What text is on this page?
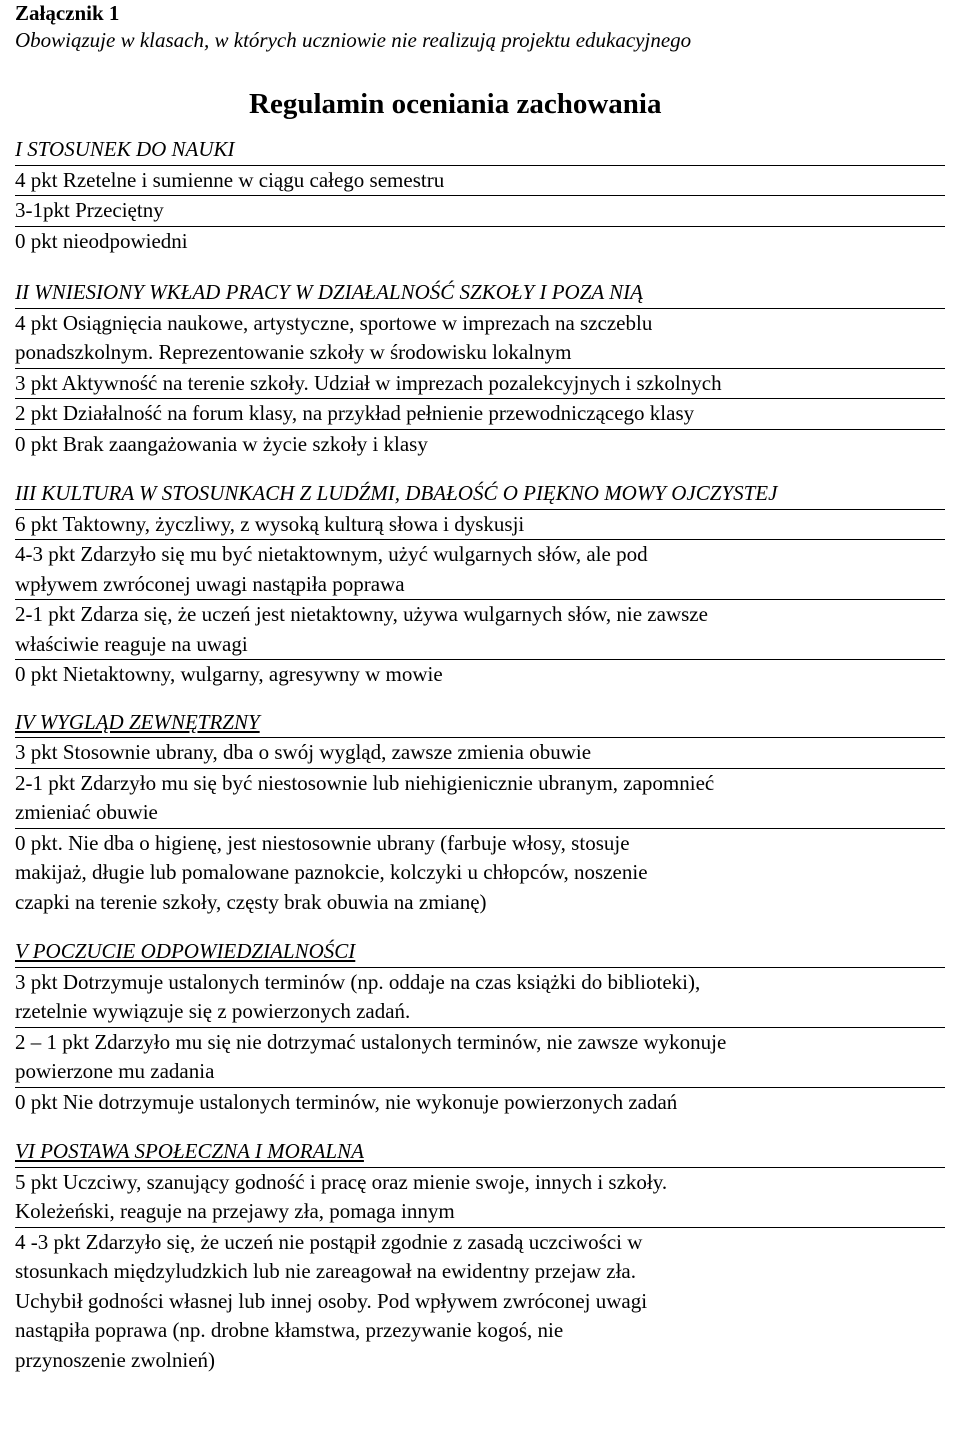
Załącznik 1

Obowiązuje w klasach, w których uczniowie nie realizują projektu edukacyjnego

Regulamin oceniania zachowania

I STOSUNEK DO NAUKI

4 pkt Rzetelne i sumienne w ciągu całego semestru
3-1pkt Przeciętny
0 pkt nieodpowiedni

II WNIESIONY WKŁAD PRACY W DZIAŁALNOŚĆ SZKOŁY I POZA NIĄ

4 pkt Osiągnięcia naukowe, artystyczne, sportowe w imprezach na szczeblu
ponadszkolnym. Reprezentowanie szkoły w środowisku lokalnym
3 pkt Aktywność na terenie szkoły. Udział w imprezach pozalekcyjnych i szkolnych
2 pkt Działalność na forum klasy, na przykład pełnienie przewodniczącego klasy
0 pkt Brak zaangażowania w życie szkoły i klasy

III KULTURA W STOSUNKACH Z LUDŹMI, DBAŁOŚĆ O PIĘKNO MOWY OJCZYSTEJ

6 pkt Taktowny, życzliwy, z wysoką kulturą słowa i dyskusji
4-3 pkt Zdarzyło się mu być nietaktownym, użyć wulgarnych słów, ale pod
wpływem zwróconej uwagi nastąpiła poprawa
2-1 pkt Zdarza się, że uczeń jest nietaktowny, używa wulgarnych słów, nie zawsze
właściwie reaguje na uwagi
0 pkt Nietaktowny, wulgarny, agresywny w mowie

IV WYGLĄD ZEWNĘTRZNY

3 pkt Stosownie ubrany, dba o swój wygląd, zawsze zmienia obuwie
2-1 pkt Zdarzyło mu się być niestosownie lub niehigienicznie ubranym, zapomnieć
zmieniać obuwie
0 pkt. Nie dba o higienę, jest niestosownie ubrany (farbuje włosy, stosuje
makijaż, długie lub pomalowane paznokcie, kolczyki u chłopców, noszenie
czapki na terenie szkoły, częsty brak obuwia na zmianę)

V POCZUCIE ODPOWIEDZIALNOŚCI

3 pkt Dotrzymuje ustalonych terminów (np. oddaje na czas książki do biblioteki),
rzetelnie wywiązuje się z powierzonych zadań.
2 – 1 pkt Zdarzyło mu się nie dotrzymać ustalonych terminów, nie zawsze wykonuje
powierzone mu zadania
0 pkt Nie dotrzymuje ustalonych terminów, nie wykonuje powierzonych zadań

VI POSTAWA SPOŁECZNA I MORALNA

5 pkt Uczciwy, szanujący godność i pracę oraz mienie swoje, innych i szkoły.
Koleżeński, reaguje na przejawy zła, pomaga innym
4 -3 pkt Zdarzyło się, że uczeń nie postąpił zgodnie z zasadą uczciwości w
stosunkach międzyludzkich lub nie zareagował na ewidentny przejaw zła.
Uchybił godności własnej lub innej osoby. Pod wpływem zwróconej uwagi
nastąpiła poprawa (np. drobne kłamstwa, przezywanie kogoś, nie
przynoszenie zwolnień)
